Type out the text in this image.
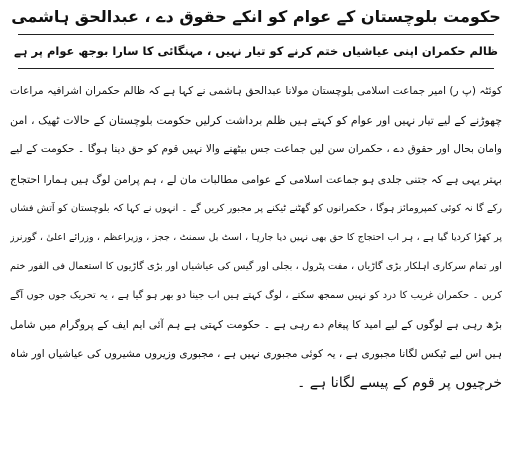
حکومت بلوچستان کے عوام کو انکے حقوق دے ، عبدالحق ہاشمی
ظالم حکمران اپنی عیاشیاں ختم کرنے کو تیار نہیں ، مہنگائی کا سارا بوجھ عوام پر ہے
کوئٹہ (پ ر) امیر جماعت اسلامی بلوچستان مولانا عبدالحق ہاشمی نے کہا ہے کہ ظالم حکمران اشرافیہ مراعات
چھوڑنے کے لیے تیار نہیں اور عوام کو کہتے ہیں ظلم برداشت کرلیں حکومت بلوچستان کے حالات ٹھیک ، امن
وامان بحال اور حقوق دے ، حکمران سن لیں جماعت جس بیٹھنے والا نہیں قوم کو حق دینا ہوگا ۔ حکومت کے لیے
بہتر یہی ہے کہ جتنی جلدی ہو جماعت اسلامی کے عوامی مطالبات مان لے ، ہم پرامن لوگ ہیں ہمارا احتجاج
رکے گا نہ کوئی کمپرومائز ہوگا ، حکمرانوں کو گھٹنے ٹیکنے پر مجبور کریں گے ۔ انہوں نے کہا کہ بلوچستان کو آتش فشاں
پر کھڑا کردیا گیا ہے ، ہر اب احتجاج کا حق بھی نہیں دیا جارہا ، اسٹ بل سمنٹ ، ججز ، وزیراعظم ، وزرائے اعلیٰ ، گورنرز
اور تمام سرکاری اہلکار بڑی گاڑیاں ، مفت پٹرول ، بجلی اور گیس کی عیاشیاں اور بڑی گاڑیوں کا استعمال فی الفور ختم
کریں ۔ حکمران غریب کا درد کو نہیں سمجھ سکتے ، لوگ کہتے ہیں اب جینا دو بھر ہو گیا ہے ، یہ تحریک جوں جوں آگے
بڑھ رہی ہے لوگوں کے لیے امید کا پیغام دے رہی ہے ۔ حکومت کہتی ہے ہم آئی ایم ایف کے پروگرام میں شامل
ہیں اس لیے ٹیکس لگانا مجبوری ہے ، یہ کوئی مجبوری نہیں ہے ، مجبوری وزیروں مشیروں کی عیاشیاں اور شاہ
خرچیوں پر قوم کے پیسے لگانا ہے ۔
